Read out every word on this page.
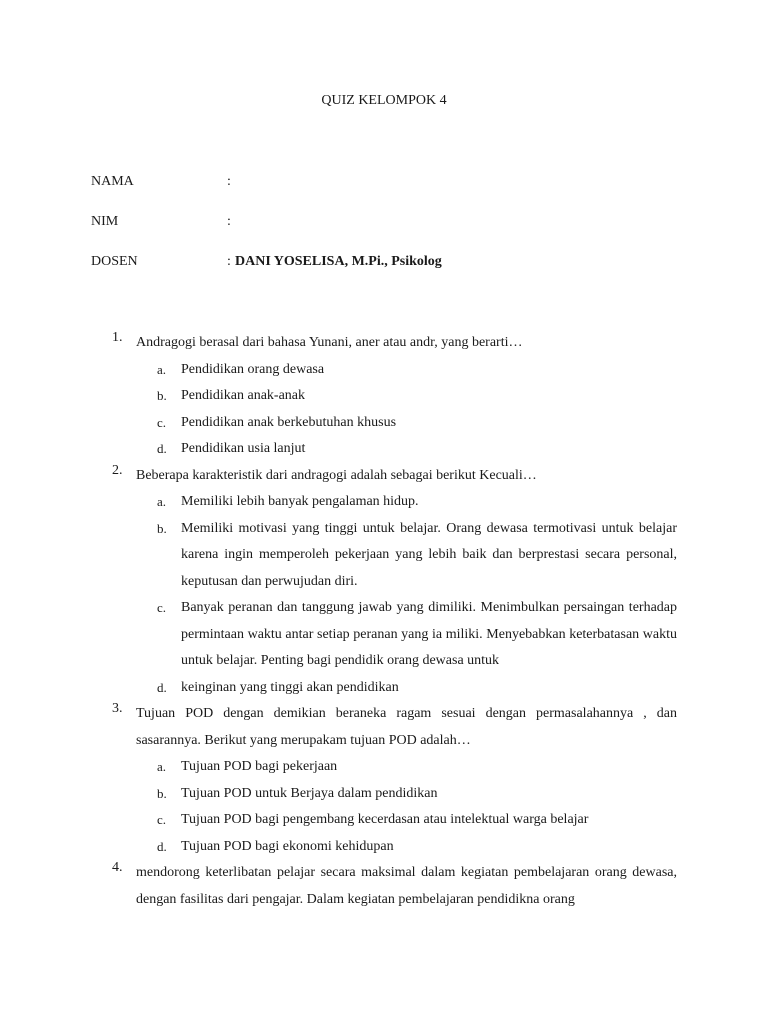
QUIZ KELOMPOK 4
NAMA	:
NIM	:
DOSEN	: DANI YOSELISA, M.Pi., Psikolog
1. Andragogi berasal dari bahasa Yunani, aner atau andr, yang berarti…
a. Pendidikan orang dewasa
b. Pendidikan anak-anak
c. Pendidikan anak berkebutuhan khusus
d. Pendidikan usia lanjut
2. Beberapa karakteristik dari andragogi adalah sebagai berikut Kecuali…
a. Memiliki lebih banyak pengalaman hidup.
b. Memiliki motivasi yang tinggi untuk belajar. Orang dewasa termotivasi untuk belajar karena ingin memperoleh pekerjaan yang lebih baik dan berprestasi secara personal, keputusan dan perwujudan diri.
c. Banyak peranan dan tanggung jawab yang dimiliki. Menimbulkan persaingan terhadap permintaan waktu antar setiap peranan yang ia miliki. Menyebabkan keterbatasan waktu untuk belajar. Penting bagi pendidik orang dewasa untuk
d. keinginan yang tinggi akan pendidikan
3. Tujuan POD dengan demikian beraneka ragam sesuai dengan permasalahannya , dan sasarannya. Berikut yang merupakam tujuan POD adalah…
a. Tujuan POD bagi pekerjaan
b. Tujuan POD untuk Berjaya dalam pendidikan
c. Tujuan POD bagi pengembang kecerdasan atau intelektual warga belajar
d. Tujuan POD bagi ekonomi kehidupan
4. mendorong keterlibatan pelajar secara maksimal dalam kegiatan pembelajaran orang dewasa, dengan fasilitas dari pengajar. Dalam kegiatan pembelajaran pendidikna orang
